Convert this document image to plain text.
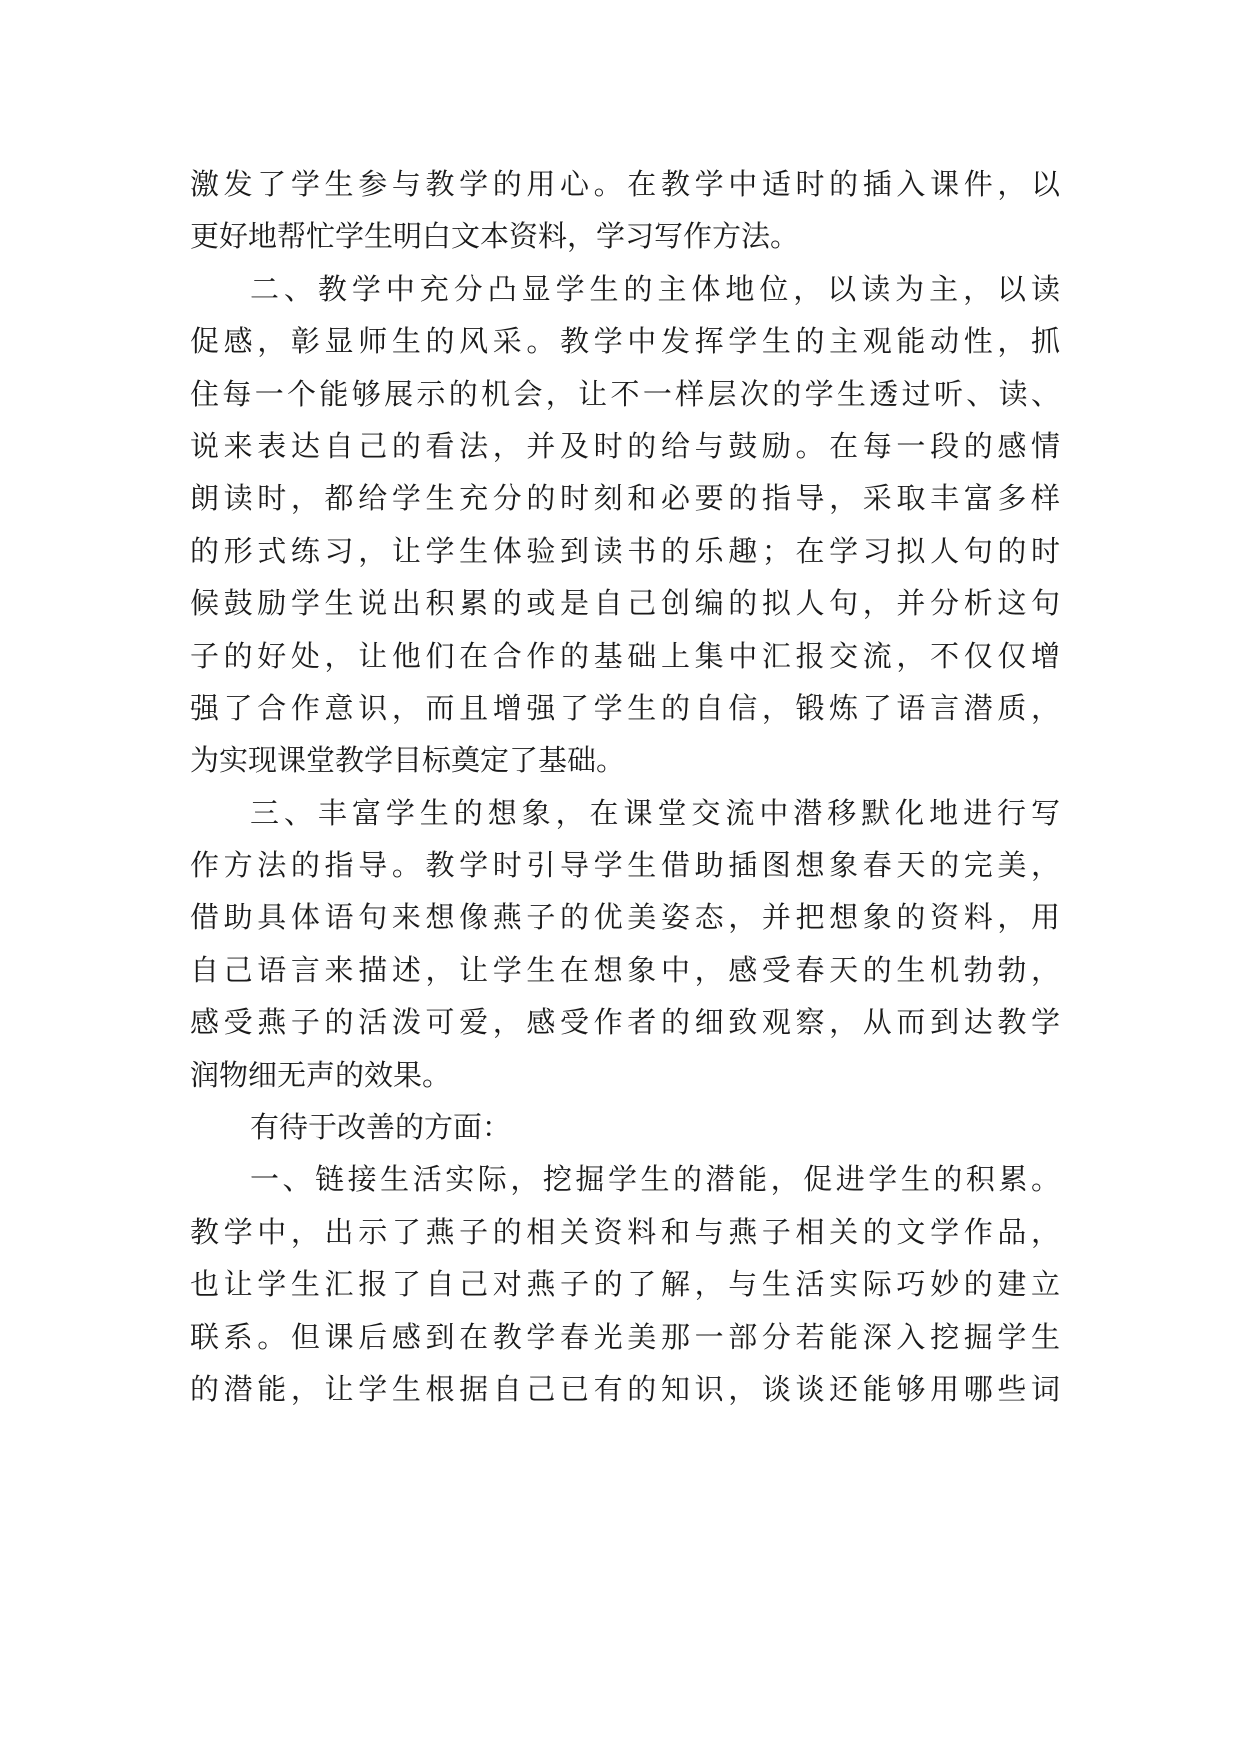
激发了学生参与教学的用心。在教学中适时的插入课件，以
更好地帮忙学生明白文本资料，学习写作方法。
二、教学中充分凸显学生的主体地位，以读为主，以读
促感，彰显师生的风采。教学中发挥学生的主观能动性，抓
住每一个能够展示的机会，让不一样层次的学生透过听、读、
说来表达自己的看法，并及时的给与鼓励。在每一段的感情
朗读时，都给学生充分的时刻和必要的指导，采取丰富多样
的形式练习，让学生体验到读书的乐趣；在学习拟人句的时
候鼓励学生说出积累的或是自己创编的拟人句，并分析这句
子的好处，让他们在合作的基础上集中汇报交流，不仅仅增
强了合作意识，而且增强了学生的自信，锻炼了语言潜质，
为实现课堂教学目标奠定了基础。
三、丰富学生的想象，在课堂交流中潜移默化地进行写
作方法的指导。教学时引导学生借助插图想象春天的完美，
借助具体语句来想像燕子的优美姿态，并把想象的资料，用
自己语言来描述，让学生在想象中，感受春天的生机勃勃，
感受燕子的活泼可爱，感受作者的细致观察，从而到达教学
润物细无声的效果。
有待于改善的方面：
一、链接生活实际，挖掘学生的潜能，促进学生的积累。
教学中，出示了燕子的相关资料和与燕子相关的文学作品，
也让学生汇报了自己对燕子的了解，与生活实际巧妙的建立
联系。但课后感到在教学春光美那一部分若能深入挖掘学生
的潜能，让学生根据自己已有的知识，谈谈还能够用哪些词
